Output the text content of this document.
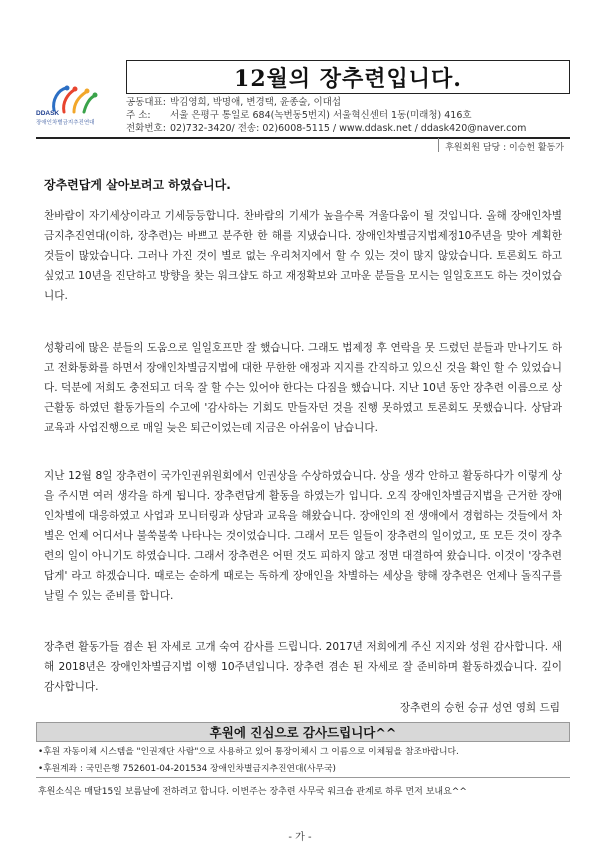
DDASK
장애인차별금지추진연대
12월의 장추련입니다.
공동대표: 박김영희, 박명애, 변경택, 윤종술, 이대섭
주 소: 서울 은평구 통일로 684(녹번동5번지) 서울혁신센터 1동(미래청) 416호
전화번호: 02)732-3420/ 전송: 02)6008-5115 / www.ddask.net / ddask420@naver.com
후원회원 담당 : 이승헌 활동가
장추련답게 살아보려고 하였습니다.
찬바람이 자기세상이라고 기세등등합니다. 찬바람의 기세가 높을수록 겨울다움이 될 것입니다. 올해 장애인차별금지추진연대(이하, 장추련)는 바쁘고 분주한 한 해를 지냈습니다. 장애인차별금지법제정10주년을 맞아 계획한 것들이 많았습니다. 그러나 가진 것이 별로 없는 우리처지에서 할 수 있는 것이 많지 않았습니다. 토론회도 하고 싶었고 10년을 진단하고 방향을 찾는 워크샵도 하고 재정확보와 고마운 분들을 모시는 일일호프도 하는 것이었습니다.
성황리에 많은 분들의 도움으로 일일호프만 잘 했습니다. 그래도 법제정 후 연락을 못 드렸던 분들과 만나기도 하고 전화통화를 하면서 장애인차별금지법에 대한 무한한 애정과 지지를 간직하고 있으신 것을 확인 할 수 있었습니다. 덕분에 저희도 충전되고 더욱 잘 할 수는 있어야 한다는 다짐을 했습니다. 지난 10년 동안 장추련 이름으로 상근활동 하였던 활동가들의 수고에 '감사하는 기회도 만들자던 것을 진행 못하였고 토론회도 못했습니다. 상담과 교육과 사업진행으로 매일 늦은 퇴근이었는데 지금은 아쉬움이 남습니다.
지난 12월 8일 장추련이 국가인권위원회에서 인권상을 수상하였습니다. 상을 생각 안하고 활동하다가 이렇게 상을 주시면 여러 생각을 하게 됩니다. 장추련답게 활동을 하였는가 입니다. 오직 장애인차별금지법을 근거한 장애인차별에 대응하였고 사업과 모니터링과 상담과 교육을 해왔습니다. 장애인의 전 생애에서 경험하는 것들에서 차별은 언제 어디서나 불쑥불쑥 나타나는 것이었습니다. 그래서 모든 일들이 장추련의 일이었고, 또 모든 것이 장추련의 일이 아니기도 하였습니다. 그래서 장추련은 어떤 것도 피하지 않고 정면 대결하여 왔습니다. 이것이 '장추련답게' 라고 하겠습니다. 때로는 순하게 때로는 독하게 장애인을 차별하는 세상을 향해 장추련은 언제나 돌직구를 날릴 수 있는 준비를 합니다.
장추련 활동가들 겸손 된 자세로 고개 숙여 감사를 드립니다. 2017년 저희에게 주신 지지와 성원 감사합니다. 새해 2018년은 장애인차별금지법 이행 10주년입니다. 장추련 겸손 된 자세로 잘 준비하며 활동하겠습니다. 깊이 감사합니다.
장추련의 승헌 승규 성연 영희 드림
후원에 진심으로 감사드립니다^^
•후원 자동이체 시스템을 "인권재단 사람"으로 사용하고 있어 통장이체시 그 이름으로 이체됨을 참조바랍니다.
•후원계좌 : 국민은행 752601-04-201534 장애인차별금지추진연대(사무국)
후원소식은 매달15일 보름날에 전하려고 합니다. 이번주는 장추련 사무국 워크숍 관계로 하루 먼저 보내요^^
- 가 -
